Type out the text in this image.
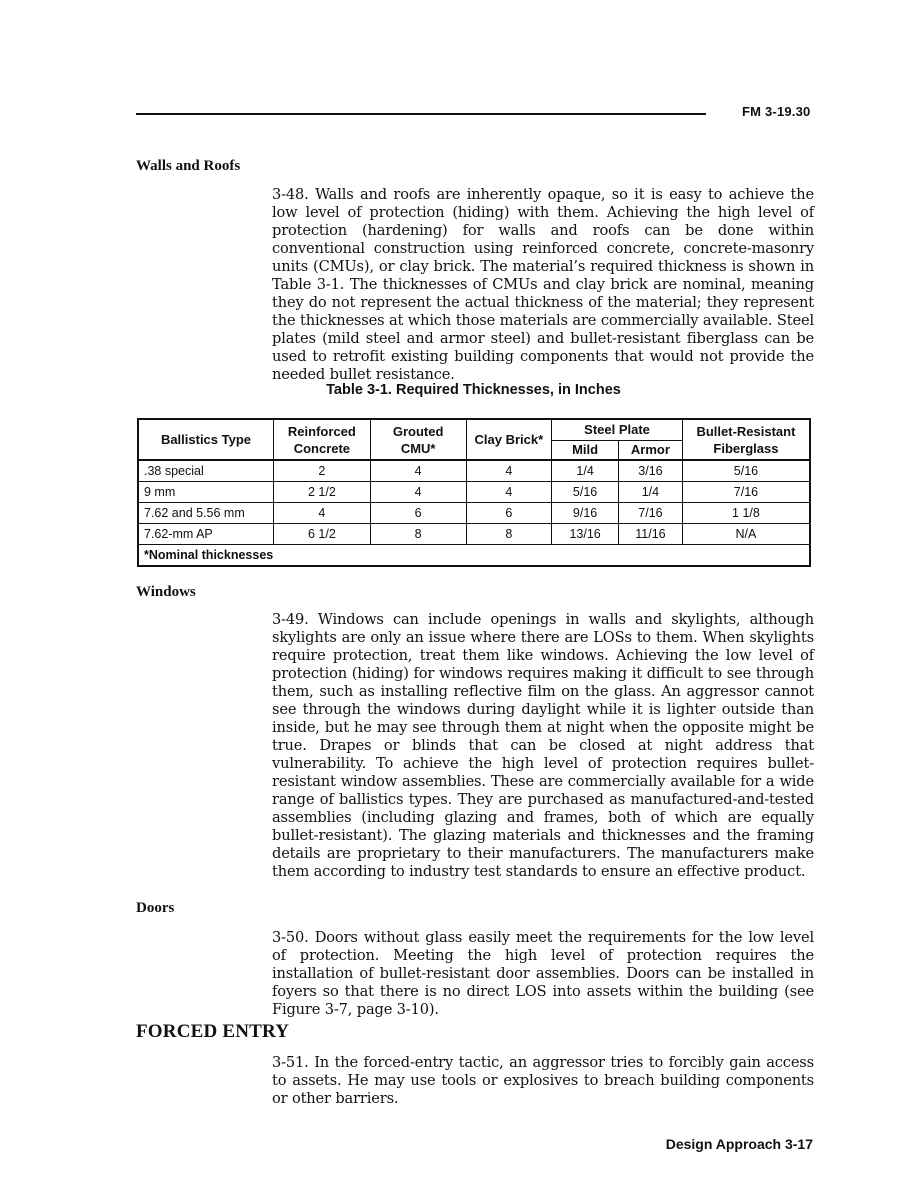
FM 3-19.30
Walls and Roofs
3-48. Walls and roofs are inherently opaque, so it is easy to achieve the low level of protection (hiding) with them. Achieving the high level of protection (hardening) for walls and roofs can be done within conventional construction using reinforced concrete, concrete-masonry units (CMUs), or clay brick. The material’s required thickness is shown in Table 3-1. The thicknesses of CMUs and clay brick are nominal, meaning they do not represent the actual thickness of the material; they represent the thicknesses at which those materials are commercially available. Steel plates (mild steel and armor steel) and bullet-resistant fiberglass can be used to retrofit existing building components that would not provide the needed bullet resistance.
Table 3-1. Required Thicknesses, in Inches
Ballistics Type	Reinforced Concrete	Grouted CMU*	Clay Brick*	Steel Plate		Bullet-Resistant Fiberglass
				Mild	Armor	
.38 special	2	4	4	1/4	3/16	5/16
9 mm	2 1/2	4	4	5/16	1/4	7/16
7.62 and 5.56 mm	4	6	6	9/16	7/16	1 1/8
7.62-mm AP	6 1/2	8	8	13/16	11/16	N/A
*Nominal thicknesses						
Windows
3-49. Windows can include openings in walls and skylights, although skylights are only an issue where there are LOSs to them. When skylights require protection, treat them like windows. Achieving the low level of protection (hiding) for windows requires making it difficult to see through them, such as installing reflective film on the glass. An aggressor cannot see through the windows during daylight while it is lighter outside than inside, but he may see through them at night when the opposite might be true. Drapes or blinds that can be closed at night address that vulnerability. To achieve the high level of protection requires bullet-resistant window assemblies. These are commercially available for a wide range of ballistics types. They are purchased as manufactured-and-tested assemblies (including glazing and frames, both of which are equally bullet-resistant). The glazing materials and thicknesses and the framing details are proprietary to their manufacturers. The manufacturers make them according to industry test standards to ensure an effective product.
Doors
3-50. Doors without glass easily meet the requirements for the low level of protection. Meeting the high level of protection requires the installation of bullet-resistant door assemblies. Doors can be installed in foyers so that there is no direct LOS into assets within the building (see Figure 3-7, page 3-10).
FORCED ENTRY
3-51. In the forced-entry tactic, an aggressor tries to forcibly gain access to assets. He may use tools or explosives to breach building components or other barriers.
Design Approach 3-17
